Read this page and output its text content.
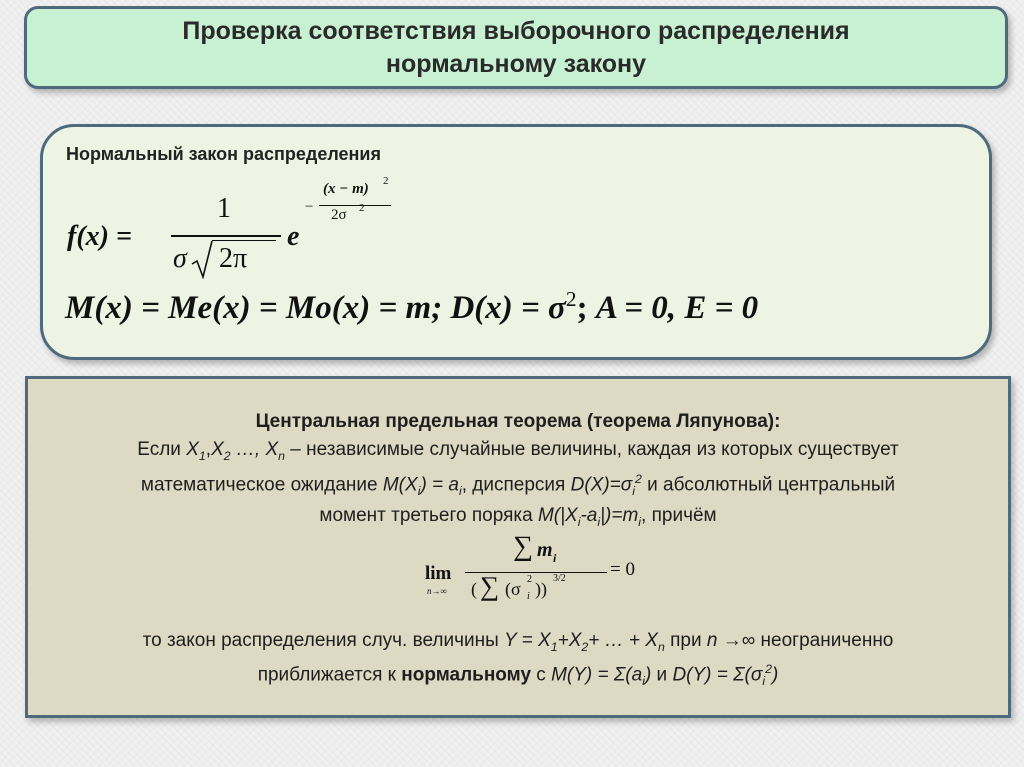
Проверка соответствия выборочного распределения
нормальному закону
Нормальный закон распределения
f(x) =
1
σ 2π
e
−
(x − m) 2
2σ 2
M(x) = Me(x) = Mo(x) = m; $D(x) = \sigma^2$; A = 0, E = 0
Центральная предельная теорема (теорема Ляпунова):
Если $X_1,X_2$ …, $X_n$ – независимые случайные величины, каждая из которых существует
математическое ожидание $M(X_i) = a_i$, дисперсия $D(X)=\sigma_i^2$ и абсолютный центральный
момент третьего поряка $M(|X_i-a_i|)=m_i$, причём
lim
n→∞
∑ m i
( ∑ (σ i
2 ))
3/2 = 0
то закон распределения случ. величины $Y = X_1+X_2+$ … + $X_n$ при n →∞ неограниченно
приближается к нормальному с $M(Y) = \Sigma(a_i)$ и $D(Y) = \Sigma(\sigma_i^2)$
